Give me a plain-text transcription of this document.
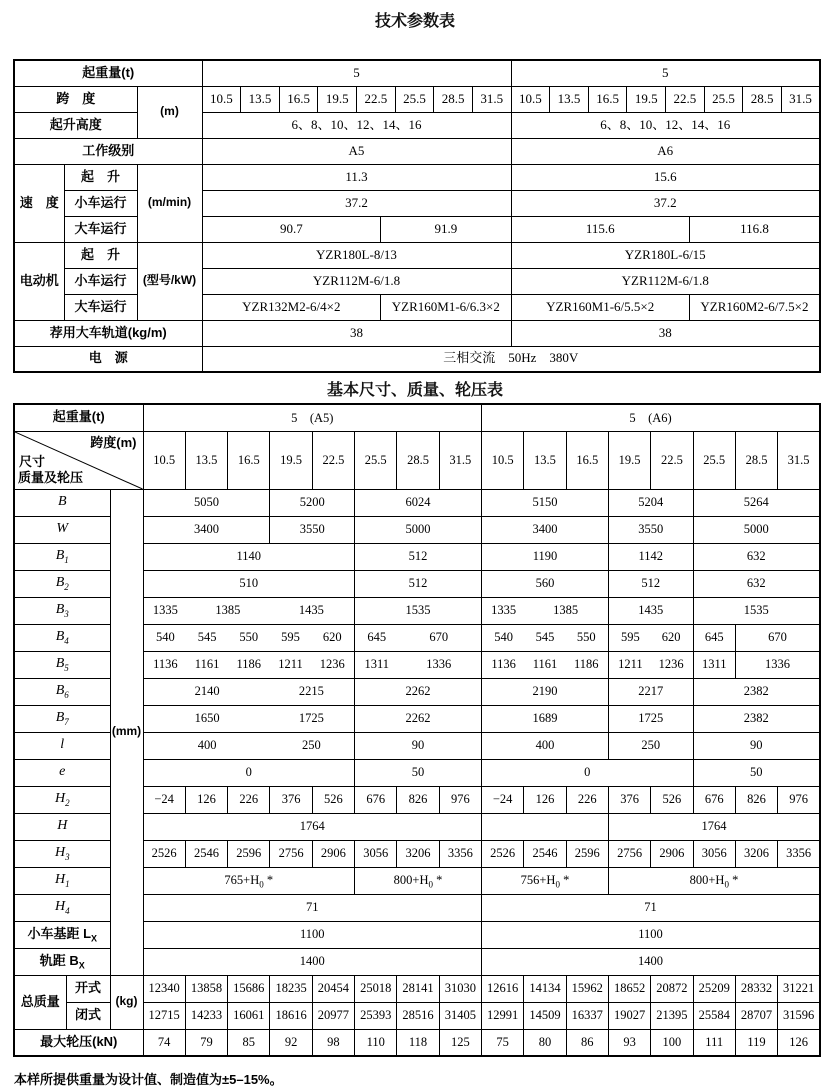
技术参数表
起重量(t)			5								5							
跨　度		(m)	10.5	13.5	16.5	19.5	22.5	25.5	28.5	31.5	10.5	13.5	16.5	19.5	22.5	25.5	28.5	31.5
起升高度			6、8、10、12、14、16								6、8、10、12、14、16							
工作级别			A5								A6							
速　度	起　升	(m/min)	11.3								15.6							
	小车运行		37.2								37.2							
大车运行	90.7	91.9	115.6	116.8

电动机	起　升	(型号/kW)	YZR180L-8/13								YZR180L-6/15							
	小车运行		YZR112M-6/1.8								YZR112M-6/1.8							
大车运行	YZR132M2-6/4×2	YZR160M1-6/6.3×2	YZR160M1-6/5.5×2	YZR160M2-6/7.5×2

荐用大车轨道(kg/m)			38								38							
电　源			三相交流　50Hz　380V															
基本尺寸、质量、轮压表
起重量(t)			5　(A5)								5　(A6)							

跨度(m)
尺寸
质量及轮压			10.5	13.5	16.5	19.5	22.5	25.5	28.5	31.5	10.5	13.5	16.5	19.5	22.5	25.5	28.5	31.5
B		(mm)	5050			5200		6024			5150			5204		5264		
W			3400			3550		5000			3400			3550		5000		
$B_1$			1140					512			1190			1142		632		
$B_2$			510					512			560			512		632		
$B_3$			1335 1385 1435					1535			1335 1385			1435		1535		
$B_4$			540 545 550 595 620					645 670			540 545 550			595 620		645	670	
$B_5$			1136 1161 1186 1211 1236					1311 1336			1136 1161 1186			1211 1236		1311	1336	
$B_6$			2140 2215					2262			2190			2217		2382		
$B_7$			1650 1725					2262			1689			1725		2382		
l			400 250					90			400			250		90		
e			0					50			0					50		
$H_2$			−24	126	226	376	526	676	826	976	−24	126	226	376	526	676	826	976
H			1764											1764				
$H_3$			2526	2546	2596	2756	2906	3056	3206	3356	2526	2546	2596	2756	2906	3056	3206	3356
$H_1$			$765+H_0$ *					$800+H_0$ *			$756+H_0$ *			$800+H_0$ *				
$H_4$			71								71							
小车基距 $L_X$			1100								1100							
轨距 $B_X$			1400								1400							
总质量	开式	(kg)	12340	13858	15686	18235	20454	25018	28141	31030	12616	14134	15962	18652	20872	25209	28332	31221
	闭式		12715	14233	16061	18616	20977	25393	28516	31405	12991	14509	16337	19027	21395	25584	28707	31596
最大轮压(kN)			74	79	85	92	98	110	118	125	75	80	86	93	100	111	119	126
本样所提供重量为设计值、制造值为±5–15%。
